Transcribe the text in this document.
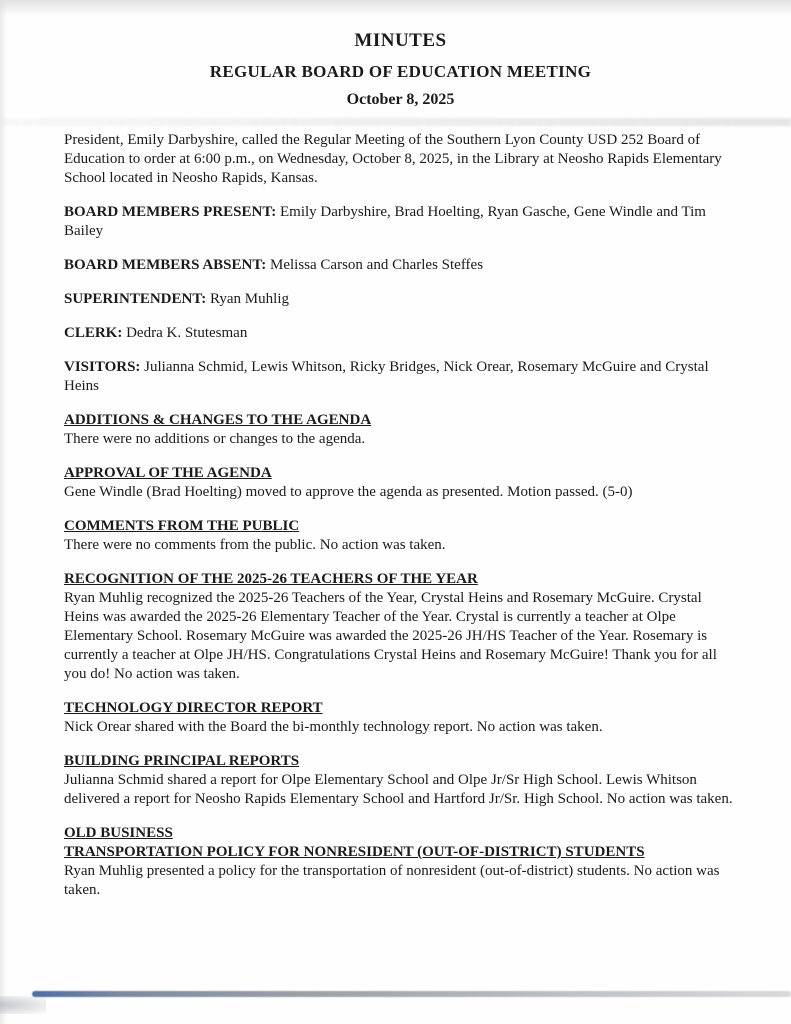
MINUTES
REGULAR BOARD OF EDUCATION MEETING
October 8, 2025

President, Emily Darbyshire, called the Regular Meeting of the Southern Lyon County USD 252 Board of Education to order at 6:00 p.m., on Wednesday, October 8, 2025, in the Library at Neosho Rapids Elementary School located in Neosho Rapids, Kansas.

BOARD MEMBERS PRESENT: Emily Darbyshire, Brad Hoelting, Ryan Gasche, Gene Windle and Tim Bailey

BOARD MEMBERS ABSENT: Melissa Carson and Charles Steffes

SUPERINTENDENT: Ryan Muhlig

CLERK: Dedra K. Stutesman

VISITORS: Julianna Schmid, Lewis Whitson, Ricky Bridges, Nick Orear, Rosemary McGuire and Crystal Heins

ADDITIONS & CHANGES TO THE AGENDA

There were no additions or changes to the agenda.

APPROVAL OF THE AGENDA

Gene Windle (Brad Hoelting) moved to approve the agenda as presented. Motion passed. (5-0)

COMMENTS FROM THE PUBLIC

There were no comments from the public. No action was taken.

RECOGNITION OF THE 2025-26 TEACHERS OF THE YEAR

Ryan Muhlig recognized the 2025-26 Teachers of the Year, Crystal Heins and Rosemary McGuire. Crystal Heins was awarded the 2025-26 Elementary Teacher of the Year. Crystal is currently a teacher at Olpe Elementary School. Rosemary McGuire was awarded the 2025-26 JH/HS Teacher of the Year. Rosemary is currently a teacher at Olpe JH/HS. Congratulations Crystal Heins and Rosemary McGuire! Thank you for all you do! No action was taken.

TECHNOLOGY DIRECTOR REPORT

Nick Orear shared with the Board the bi-monthly technology report. No action was taken.

BUILDING PRINCIPAL REPORTS

Julianna Schmid shared a report for Olpe Elementary School and Olpe Jr/Sr High School. Lewis Whitson delivered a report for Neosho Rapids Elementary School and Hartford Jr/Sr. High School. No action was taken.

OLD BUSINESS
TRANSPORTATION POLICY FOR NONRESIDENT (OUT-OF-DISTRICT) STUDENTS

Ryan Muhlig presented a policy for the transportation of nonresident (out-of-district) students. No action was taken.
